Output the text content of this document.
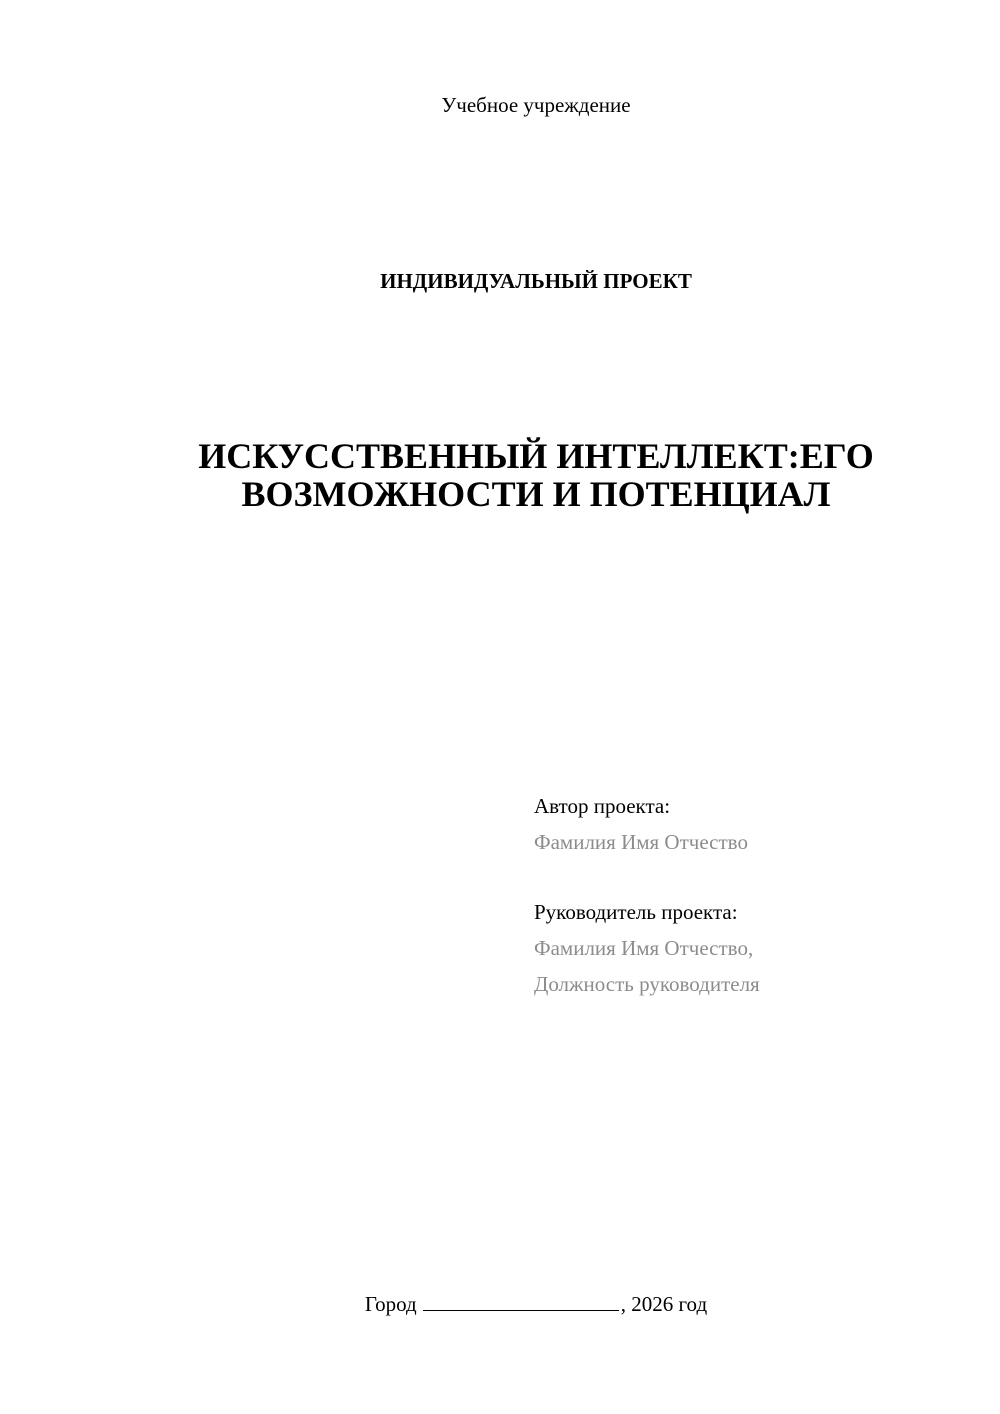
Учебное учреждение
ИНДИВИДУАЛЬНЫЙ ПРОЕКТ
ИСКУССТВЕННЫЙ ИНТЕЛЛЕКТ:ЕГО
ВОЗМОЖНОСТИ И ПОТЕНЦИАЛ
Автор проекта:
Фамилия Имя Отчество
Руководитель проекта:
Фамилия Имя Отчество,
Должность руководителя
Город	, 2026 год
